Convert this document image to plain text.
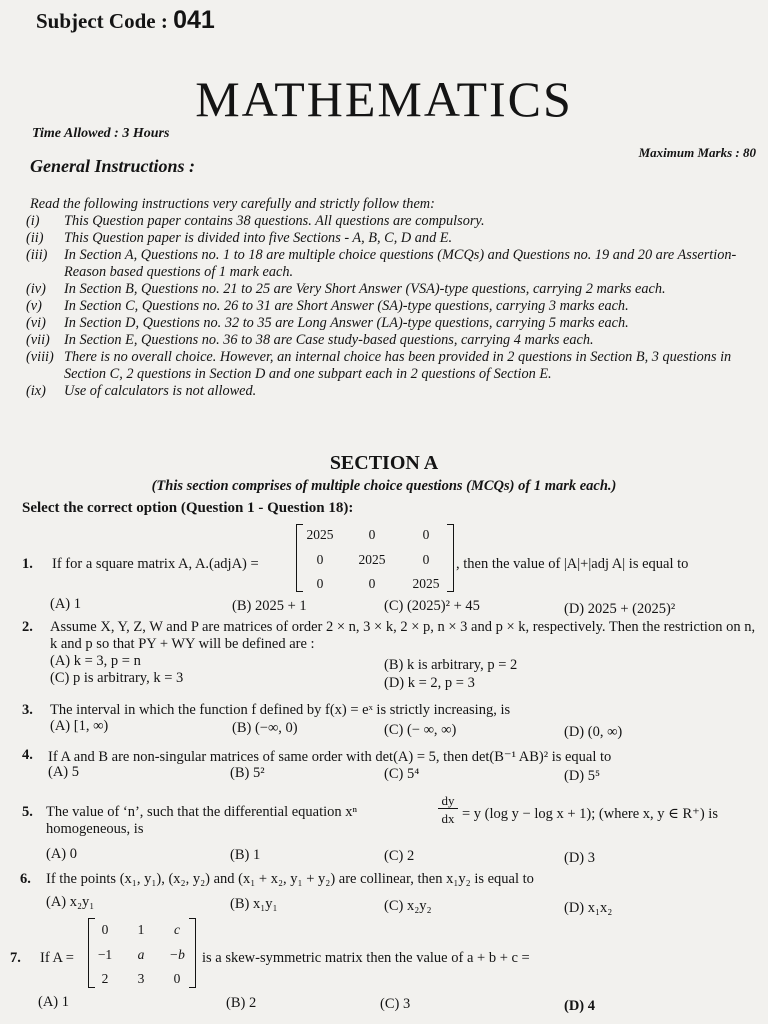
Subject Code : 041
MATHEMATICS
Time Allowed : 3 Hours
Maximum Marks : 80
General Instructions :
Read the following instructions very carefully and strictly follow them:
(i) This Question paper contains 38 questions. All questions are compulsory.
(ii) This Question paper is divided into five Sections - A, B, C, D and E.
(iii) In Section A, Questions no. 1 to 18 are multiple choice questions (MCQs) and Questions no. 19 and 20 are Assertion-Reason based questions of 1 mark each.
(iv) In Section B, Questions no. 21 to 25 are Very Short Answer (VSA)-type questions, carrying 2 marks each.
(v) In Section C, Questions no. 26 to 31 are Short Answer (SA)-type questions, carrying 3 marks each.
(vi) In Section D, Questions no. 32 to 35 are Long Answer (LA)-type questions, carrying 5 marks each.
(vii) In Section E, Questions no. 36 to 38 are Case study-based questions, carrying 4 marks each.
(viii) There is no overall choice. However, an internal choice has been provided in 2 questions in Section B, 3 questions in Section C, 2 questions in Section D and one subpart each in 2 questions of Section E.
(ix) Use of calculators is not allowed.
SECTION A
(This section comprises of multiple choice questions (MCQs) of 1 mark each.)
Select the correct option (Question 1 - Question 18):
1. If for a square matrix A, A.(adjA) =
2025	0	0
0	2025	0
0	0	2025
, then the value of |A|+|adj A| is equal to
(A) 1	(B) 2025 + 1	(C) (2025)² + 45	(D) 2025 + (2025)²
2. Assume X, Y, Z, W and P are matrices of order 2 × n, 3 × k, 2 × p, n × 3 and p × k, respectively. Then the restriction on n, k and p so that PY + WY will be defined are :
(A) k = 3, p = n	(B) k is arbitrary, p = 2
(C) p is arbitrary, k = 3	(D) k = 2, p = 3
3. The interval in which the function f defined by f(x) = eˣ is strictly increasing, is
(A) [1, ∞)	(B) (−∞, 0)	(C) (− ∞, ∞)	(D) (0, ∞)
4. If A and B are non-singular matrices of same order with det(A) = 5, then det(B⁻¹ AB)² is equal to
(A) 5	(B) 5²	(C) 5⁴	(D) 5⁵
5. The value of ‘n’, such that the differential equation xⁿ
dy
dx = y (log y − log x + 1); (where x, y ∈ R⁺) is
homogeneous, is
(A) 0	(B) 1	(C) 2	(D) 3
6. If the points (x₁, y₁), (x₂, y₂) and (x₁ + x₂, y₁ + y₂) are collinear, then x₁y₂ is equal to
(A) x₂y₁	(B) x₁y₁	(C) x₂y₂	(D) x₁x₂
7. If A =
0	1	c
−1	a	−b
2	3	0
is a skew-symmetric matrix then the value of a + b + c =
(A) 1	(B) 2	(C) 3	(D) 4
